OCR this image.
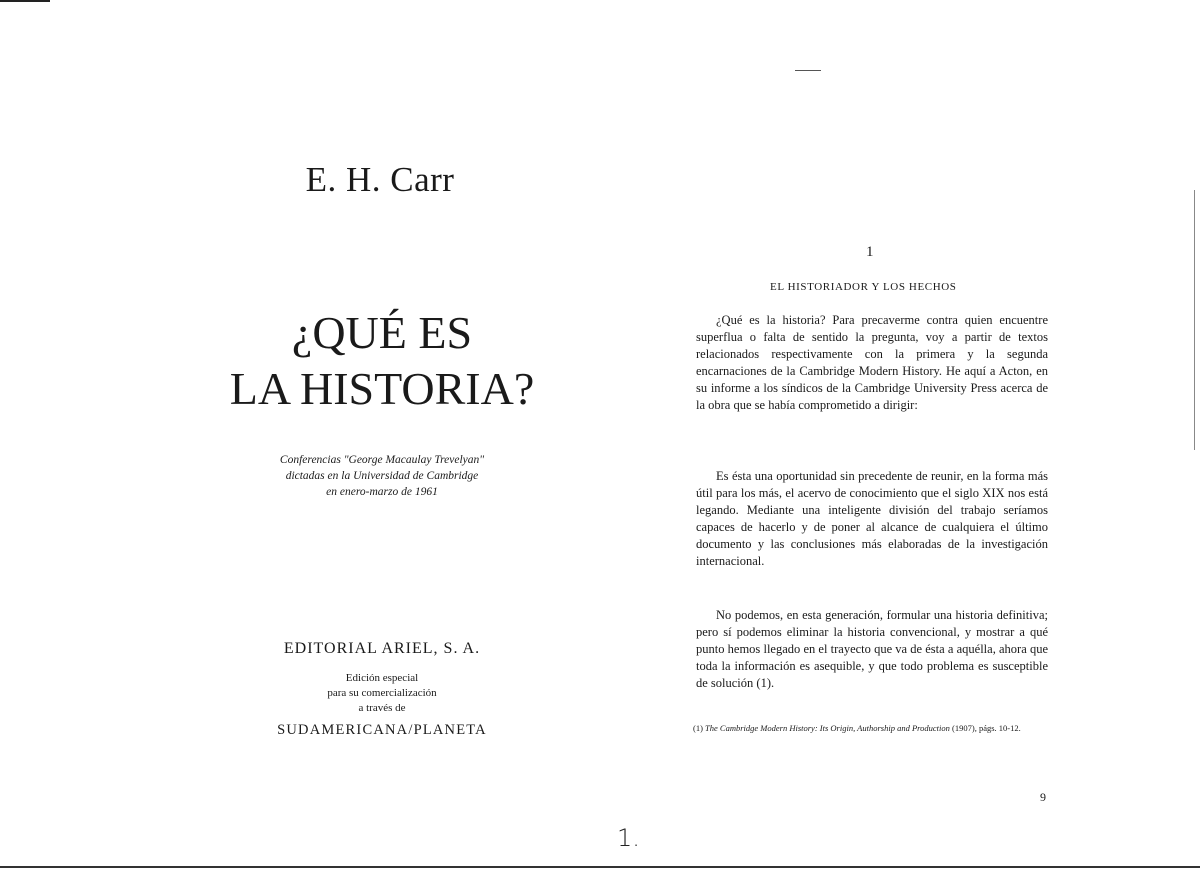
E. H. Carr
¿QUÉ ES
LA HISTORIA?
Conferencias "George Macaulay Trevelyan"
dictadas en la Universidad de Cambridge
en enero-marzo de 1961
EDITORIAL ARIEL, S. A.
Edición especial
para su comercialización
a través de
SUDAMERICANA/PLANETA
1
EL HISTORIADOR Y LOS HECHOS

¿Qué es la historia? Para precaverme contra quien encuentre superflua o falta de sentido la pregunta, voy a partir de textos relacionados respectivamente con la primera y la segunda encarnaciones de la Cambridge Modern History. He aquí a Acton, en su informe a los síndicos de la Cambridge University Press acerca de la obra que se había comprometido a dirigir:

Es ésta una oportunidad sin precedente de reunir, en la forma más útil para los más, el acervo de conocimiento que el siglo XIX nos está legando. Mediante una inteligente división del trabajo seríamos capaces de hacerlo y de poner al alcance de cualquiera el último documento y las conclusiones más elaboradas de la investigación internacional.

No podemos, en esta generación, formular una historia definitiva; pero sí podemos eliminar la historia convencional, y mostrar a qué punto hemos llegado en el trayecto que va de ésta a aquélla, ahora que toda la información es asequible, y que todo problema es susceptible de solución (1).

(1) The Cambridge Modern History: Its Origin, Authorship and Production (1907), págs. 10-12.

9
1.
